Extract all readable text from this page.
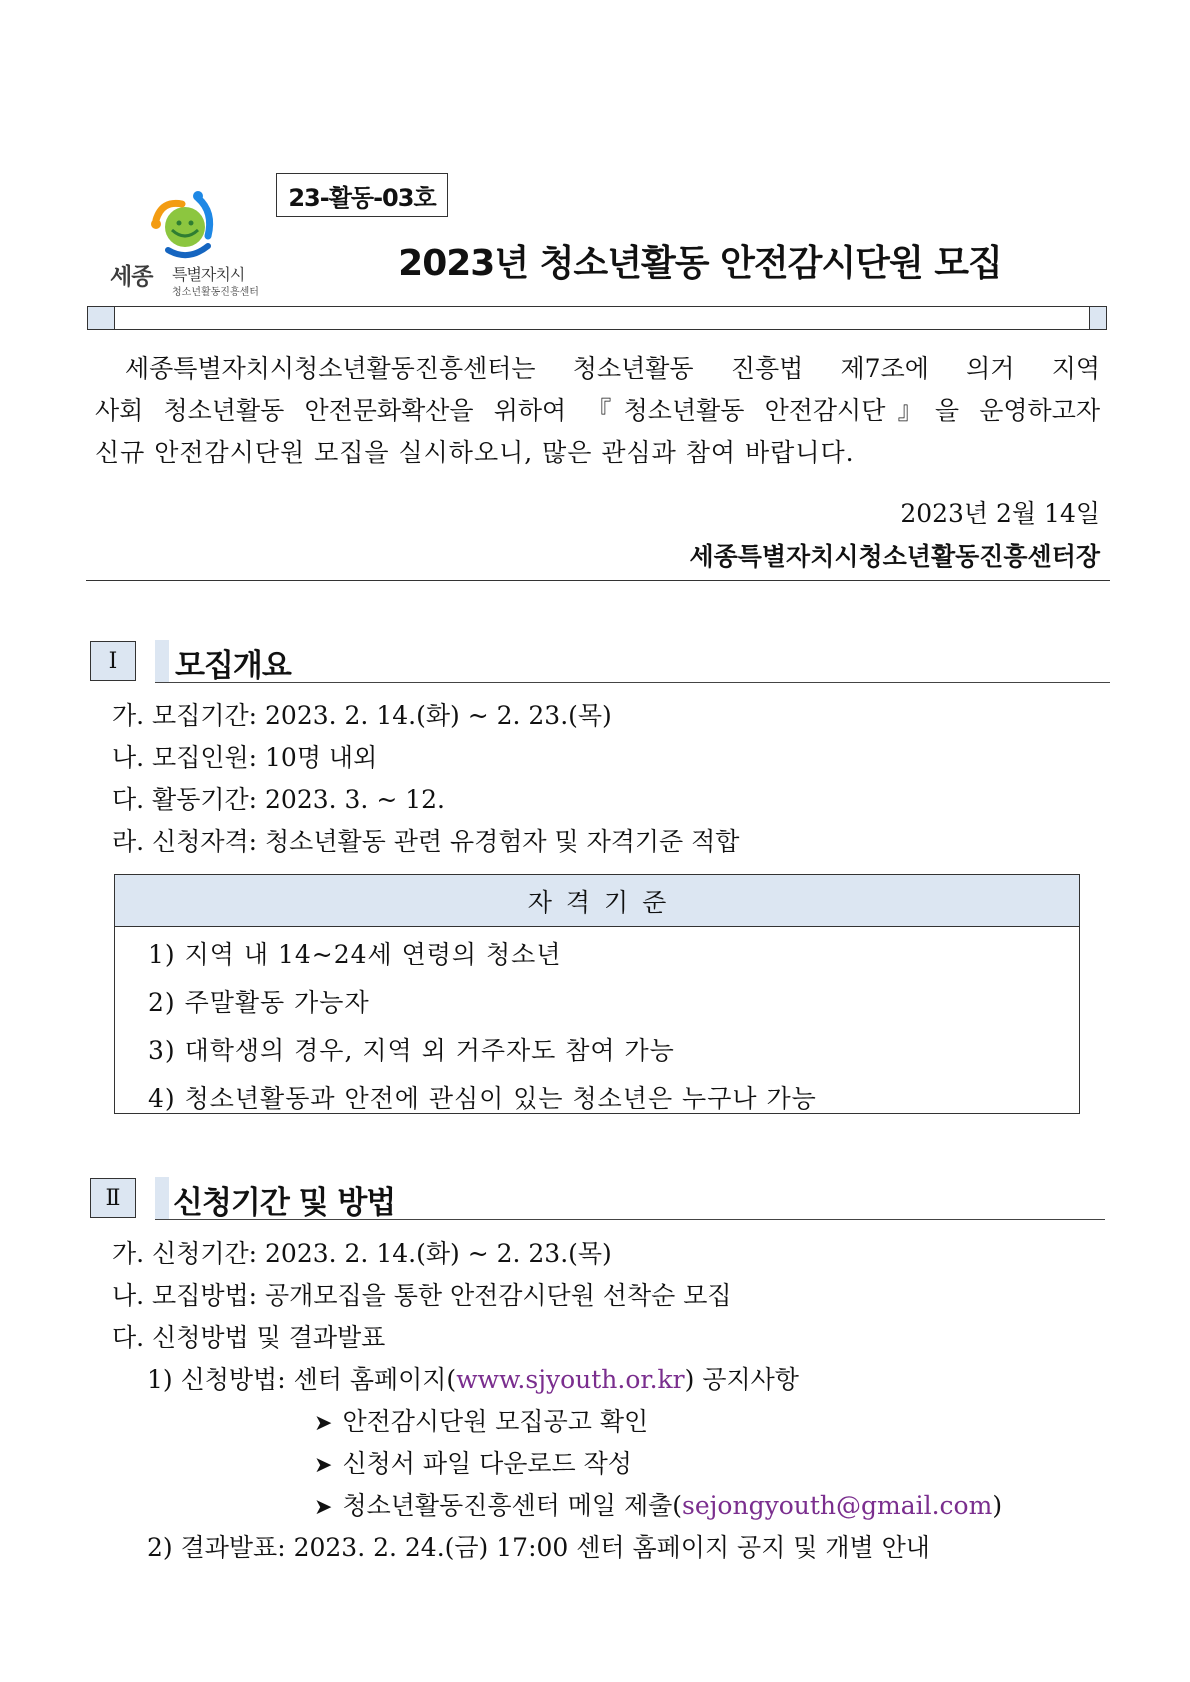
23-활동-03호
세종 특별자치시
청소년활동진흥센터
2023년 청소년활동 안전감시단원 모집
세종특별자치시청소년활동진흥센터는 청소년활동 진흥법 제7조에 의거 지역
사회 청소년활동 안전문화확산을 위하여 『청소년활동 안전감시단』을 운영하고자
신규 안전감시단원 모집을 실시하오니, 많은 관심과 참여 바랍니다.
2023년 2월 14일
세종특별자치시청소년활동진흥센터장
Ⅰ	모집개요
가. 모집기간: 2023. 2. 14.(화) ~ 2. 23.(목)
나. 모집인원: 10명 내외
다. 활동기간: 2023. 3. ~ 12.
라. 신청자격: 청소년활동 관련 유경험자 및 자격기준 적합
자격기준
1) 지역 내 14~24세 연령의 청소년
2) 주말활동 가능자
3) 대학생의 경우, 지역 외 거주자도 참여 가능
4) 청소년활동과 안전에 관심이 있는 청소년은 누구나 가능
Ⅱ	신청기간 및 방법
가. 신청기간: 2023. 2. 14.(화) ~ 2. 23.(목)
나. 모집방법: 공개모집을 통한 안전감시단원 선착순 모집
다. 신청방법 및 결과발표
1) 신청방법: 센터 홈페이지(www.sjyouth.or.kr) 공지사항
➤ 안전감시단원 모집공고 확인
➤ 신청서 파일 다운로드 작성
➤ 청소년활동진흥센터 메일 제출(sejongyouth@gmail.com)
2) 결과발표: 2023. 2. 24.(금) 17:00 센터 홈페이지 공지 및 개별 안내
